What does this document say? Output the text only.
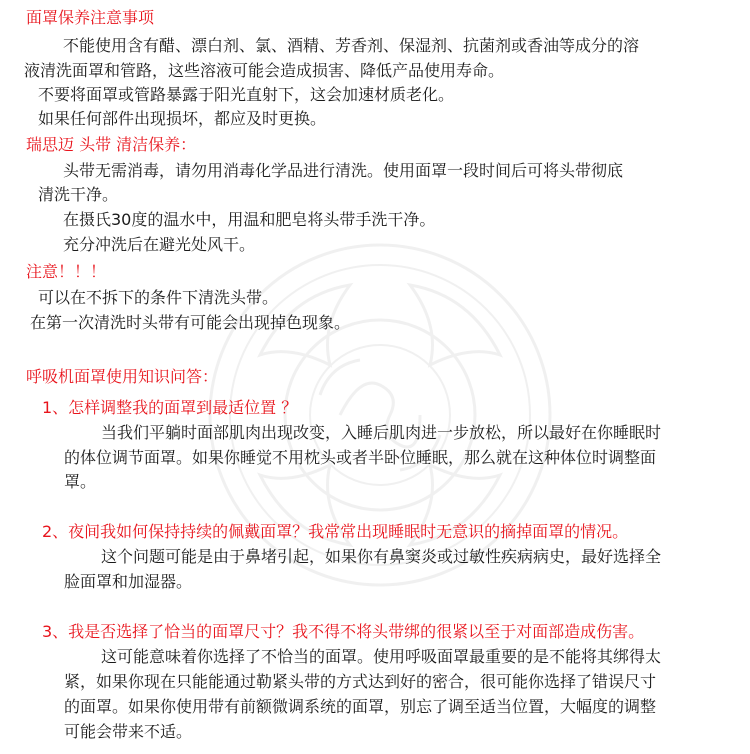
面罩保养注意事项
不能使用含有醋、漂白剂、氯、酒精、芳香剂、保湿剂、抗菌剂或香油等成分的溶
液清洗面罩和管路，这些溶液可能会造成损害、降低产品使用寿命。
不要将面罩或管路暴露于阳光直射下，这会加速材质老化。
如果任何部件出现损坏，都应及时更换。
瑞思迈 头带 清洁保养：
头带无需消毒，请勿用消毒化学品进行清洗。使用面罩一段时间后可将头带彻底
清洗干净。
在摄氏30度的温水中，用温和肥皂将头带手洗干净。
充分冲洗后在避光处风干。
注意！！！
可以在不拆下的条件下清洗头带。
在第一次清洗时头带有可能会出现掉色现象。
呼吸机面罩使用知识问答：
1、怎样调整我的面罩到最适位置 ？
当我们平躺时面部肌肉出现改变，入睡后肌肉进一步放松，所以最好在你睡眠时
的体位调节面罩。如果你睡觉不用枕头或者半卧位睡眠，那么就在这种体位时调整面
罩。
2、夜间我如何保持持续的佩戴面罩？我常常出现睡眠时无意识的摘掉面罩的情况。
这个问题可能是由于鼻堵引起，如果你有鼻窦炎或过敏性疾病病史，最好选择全
脸面罩和加湿器。
3、我是否选择了恰当的面罩尺寸？我不得不将头带绑的很紧以至于对面部造成伤害。
这可能意味着你选择了不恰当的面罩。使用呼吸面罩最重要的是不能将其绑得太
紧，如果你现在只能能通过勒紧头带的方式达到好的密合，很可能你选择了错误尺寸
的面罩。如果你使用带有前额微调系统的面罩，别忘了调至适当位置，大幅度的调整
可能会带来不适。
